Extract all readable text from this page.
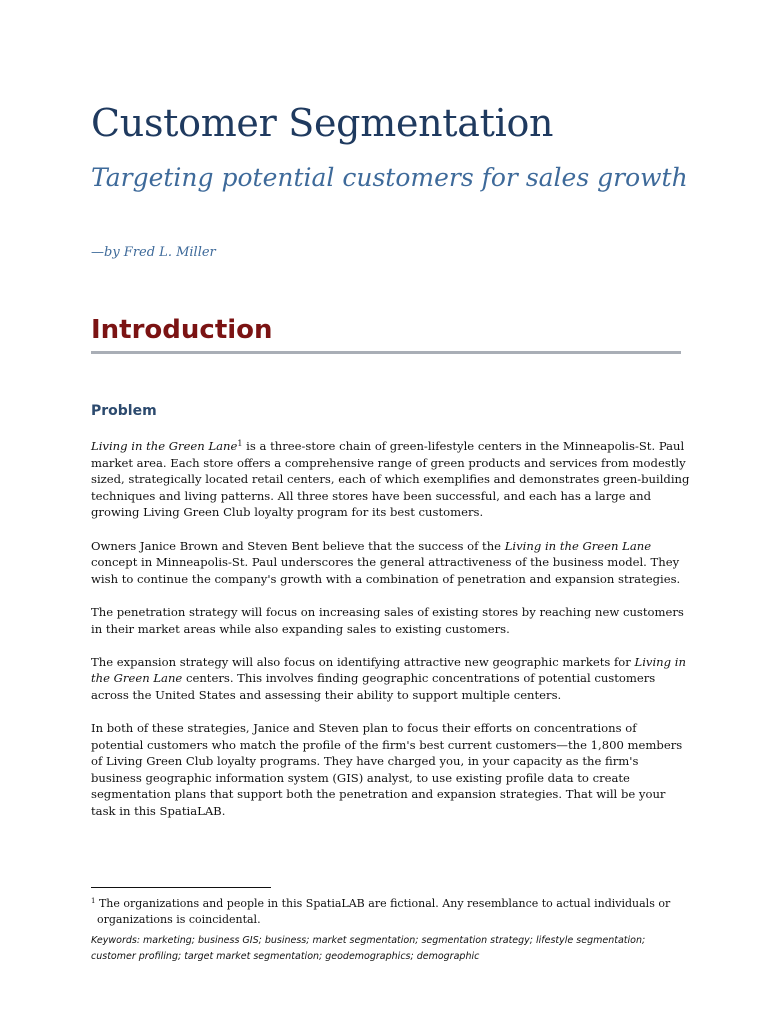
Customer Segmentation
Targeting potential customers for sales growth
—by Fred L. Miller
Introduction
Problem

Living in the Green Lane$^1$ is a three-store chain of green-lifestyle centers in the Minneapolis-St. Paul market area. Each store offers a comprehensive range of green products and services from modestly sized, strategically located retail centers, each of which exemplifies and demonstrates green-building techniques and living patterns. All three stores have been successful, and each has a large and growing Living Green Club loyalty program for its best customers.

Owners Janice Brown and Steven Bent believe that the success of the Living in the Green Lane concept in Minneapolis-St. Paul underscores the general attractiveness of the business model. They wish to continue the company's growth with a combination of penetration and expansion strategies.

The penetration strategy will focus on increasing sales of existing stores by reaching new customers in their market areas while also expanding sales to existing customers.

The expansion strategy will also focus on identifying attractive new geographic markets for Living in the Green Lane centers. This involves finding geographic concentrations of potential customers across the United States and assessing their ability to support multiple centers.

In both of these strategies, Janice and Steven plan to focus their efforts on concentrations of potential customers who match the profile of the firm's best current customers—the 1,800 members of Living Green Club loyalty programs. They have charged you, in your capacity as the firm's business geographic information system (GIS) analyst, to use existing profile data to create segmentation plans that support both the penetration and expansion strategies. That will be your task in this SpatiaLAB.

$^1$ The organizations and people in this SpatiaLAB are fictional. Any resemblance to actual individuals or
organizations is coincidental.

Keywords: marketing; business GIS; business; market segmentation; segmentation strategy; lifestyle segmentation; customer profiling; target market segmentation; geodemographics; demographic
